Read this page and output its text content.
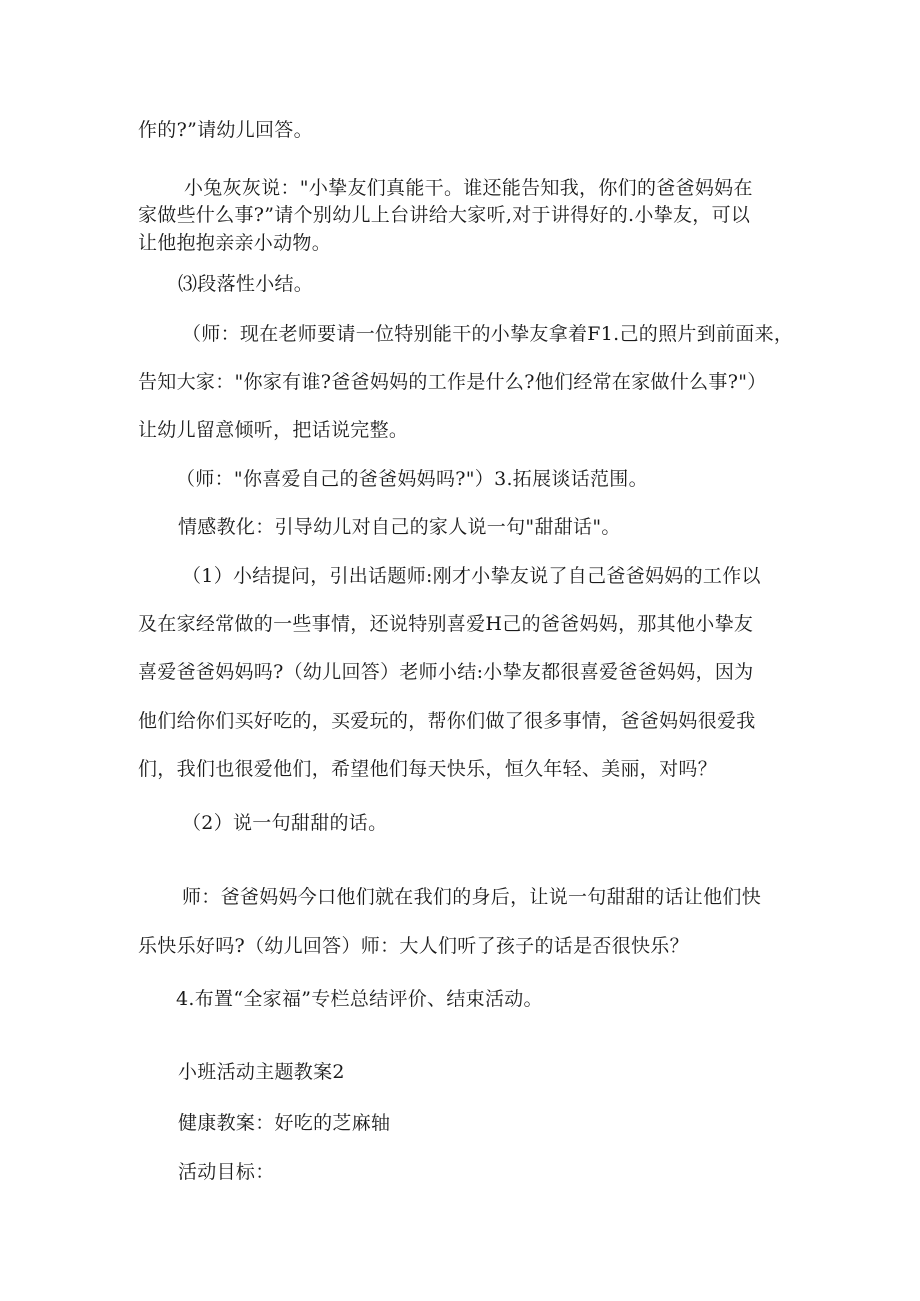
作的?”请幼儿回答。
小兔灰灰说："小挚友们真能干。谁还能告知我，你们的爸爸妈妈在
家做些什么事?”请个别幼儿上台讲给大家听,对于讲得好的.小挚友，可以
让他抱抱亲亲小动物。
⑶段落性小结。
（师：现在老师要请一位特别能干的小挚友拿着F1.己的照片到前面来，
告知大家："你家有谁?爸爸妈妈的工作是什么?他们经常在家做什么事?"）
让幼儿留意倾听，把话说完整。
（师："你喜爱自己的爸爸妈妈吗?"）3.拓展谈话范围。
情感教化：引导幼儿对自己的家人说一句"甜甜话"。
（1）小结提问，引出话题师:刚才小挚友说了自己爸爸妈妈的工作以
及在家经常做的一些事情，还说特别喜爱H己的爸爸妈妈，那其他小挚友
喜爱爸爸妈妈吗?（幼儿回答）老师小结:小挚友都很喜爱爸爸妈妈，因为
他们给你们买好吃的，买爱玩的，帮你们做了很多事情，爸爸妈妈很爱我
们，我们也很爱他们，希望他们每天快乐，恒久年轻、美丽，对吗？
（2）说一句甜甜的话。
师：爸爸妈妈今口他们就在我们的身后，让说一句甜甜的话让他们快
乐快乐好吗?（幼儿回答）师：大人们听了孩子的话是否很快乐？
4.布置“全家福”专栏总结评价、结束活动。
小班活动主题教案2
健康教案：好吃的芝麻轴
活动目标：
